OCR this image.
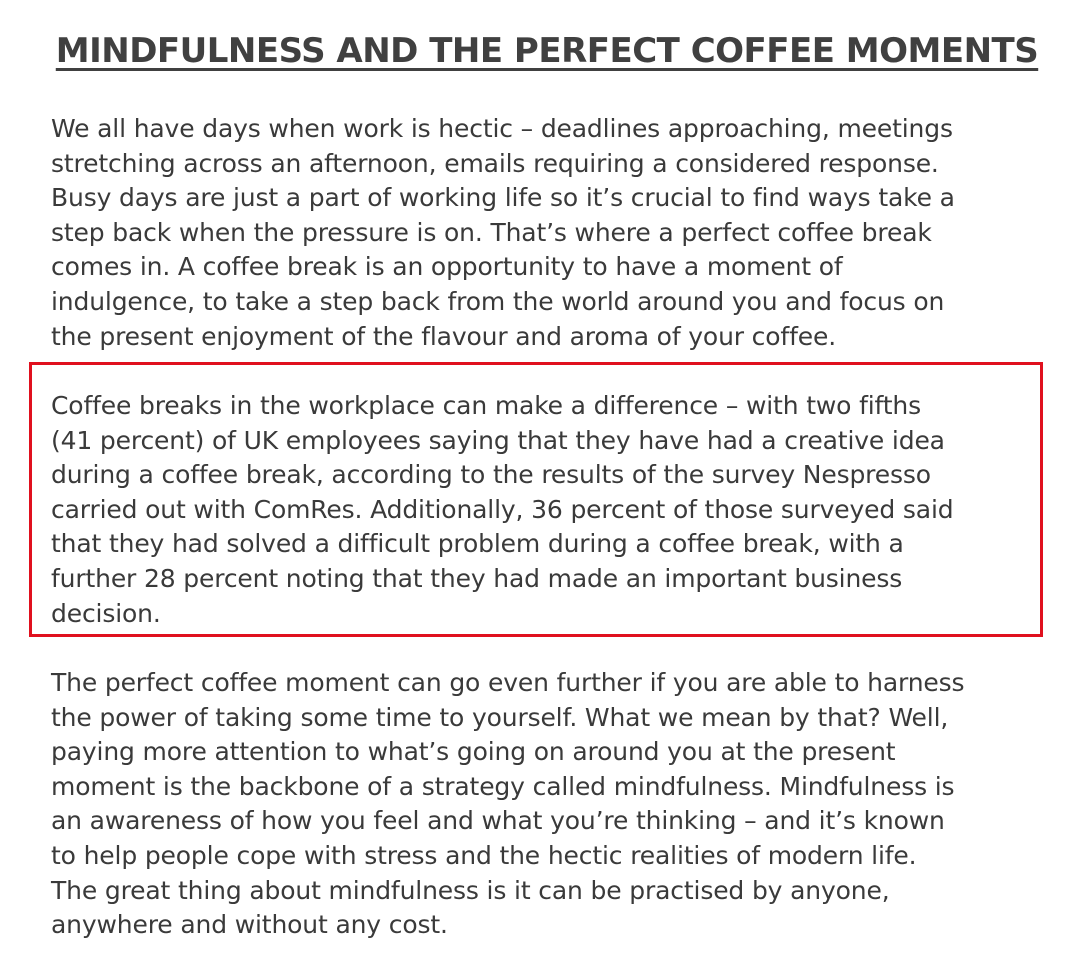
MINDFULNESS AND THE PERFECT COFFEE MOMENTS

We all have days when work is hectic – deadlines approaching, meetings
stretching across an afternoon, emails requiring a considered response.
Busy days are just a part of working life so it’s crucial to find ways take a
step back when the pressure is on. That’s where a perfect coffee break
comes in. A coffee break is an opportunity to have a moment of
indulgence, to take a step back from the world around you and focus on
the present enjoyment of the flavour and aroma of your coffee.

Coffee breaks in the workplace can make a difference – with two fifths
(41 percent) of UK employees saying that they have had a creative idea
during a coffee break, according to the results of the survey Nespresso
carried out with ComRes. Additionally, 36 percent of those surveyed said
that they had solved a difficult problem during a coffee break, with a
further 28 percent noting that they had made an important business
decision.

The perfect coffee moment can go even further if you are able to harness
the power of taking some time to yourself. What we mean by that? Well,
paying more attention to what’s going on around you at the present
moment is the backbone of a strategy called mindfulness. Mindfulness is
an awareness of how you feel and what you’re thinking – and it’s known
to help people cope with stress and the hectic realities of modern life.
The great thing about mindfulness is it can be practised by anyone,
anywhere and without any cost.
